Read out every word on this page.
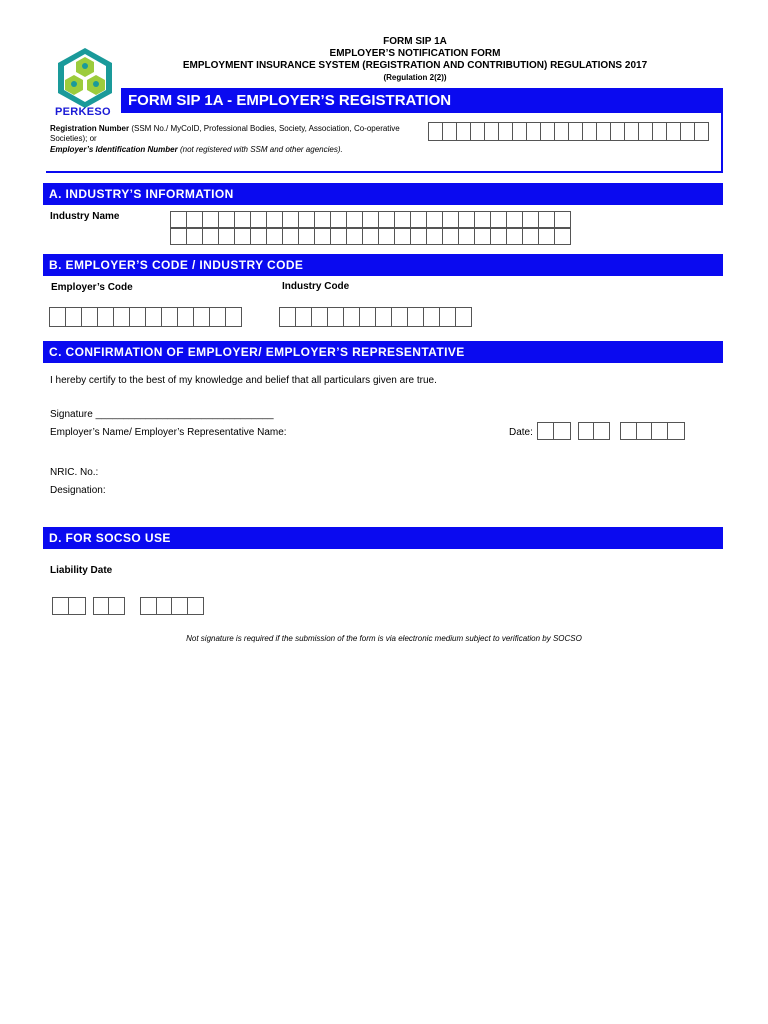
FORM SIP 1A
EMPLOYER’S NOTIFICATION FORM
EMPLOYMENT INSURANCE SYSTEM (REGISTRATION AND CONTRIBUTION) REGULATIONS 2017
(Regulation 2(2))
PERKESO
FORM SIP 1A - EMPLOYER’S REGISTRATION
Registration Number (SSM No./ MyCoID, Professional Bodies, Society, Association, Co-operative Societies); or
Employer’s Identification Number (not registered with SSM and other agencies).
A. INDUSTRY’S INFORMATION
Industry Name
B. EMPLOYER’S CODE / INDUSTRY CODE
Employer’s Code	Industry Code
C. CONFIRMATION OF EMPLOYER/ EMPLOYER’S REPRESENTATIVE
I hereby certify to the best of my knowledge and belief that all particulars given are true.
Signature ________________________________
Employer’s Name/ Employer’s Representative Name:	Date:
NRIC. No.:
Designation:
D. FOR SOCSO USE
Liability Date
Not signature is required if the submission of the form is via electronic medium subject to verification by SOCSO
